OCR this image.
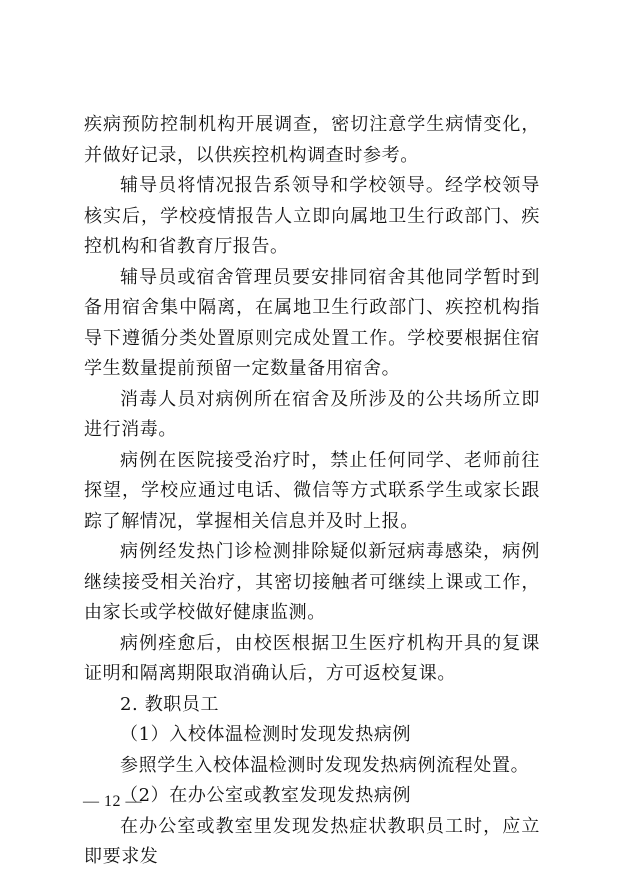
疾病预防控制机构开展调查，密切注意学生病情变化，并做好记录，以供疾控机构调查时参考。

辅导员将情况报告系领导和学校领导。经学校领导核实后，学校疫情报告人立即向属地卫生行政部门、疾控机构和省教育厅报告。

辅导员或宿舍管理员要安排同宿舍其他同学暂时到备用宿舍集中隔离，在属地卫生行政部门、疾控机构指导下遵循分类处置原则完成处置工作。学校要根据住宿学生数量提前预留一定数量备用宿舍。

消毒人员对病例所在宿舍及所涉及的公共场所立即进行消毒。

病例在医院接受治疗时，禁止任何同学、老师前往探望，学校应通过电话、微信等方式联系学生或家长跟踪了解情况，掌握相关信息并及时上报。

病例经发热门诊检测排除疑似新冠病毒感染，病例继续接受相关治疗，其密切接触者可继续上课或工作，由家长或学校做好健康监测。

病例痊愈后，由校医根据卫生医疗机构开具的复课证明和隔离期限取消确认后，方可返校复课。

2. 教职员工

（1）入校体温检测时发现发热病例

参照学生入校体温检测时发现发热病例流程处置。

（2）在办公室或教室发现发热病例

在办公室或教室里发现发热症状教职员工时，应立即要求发

— 12 —
